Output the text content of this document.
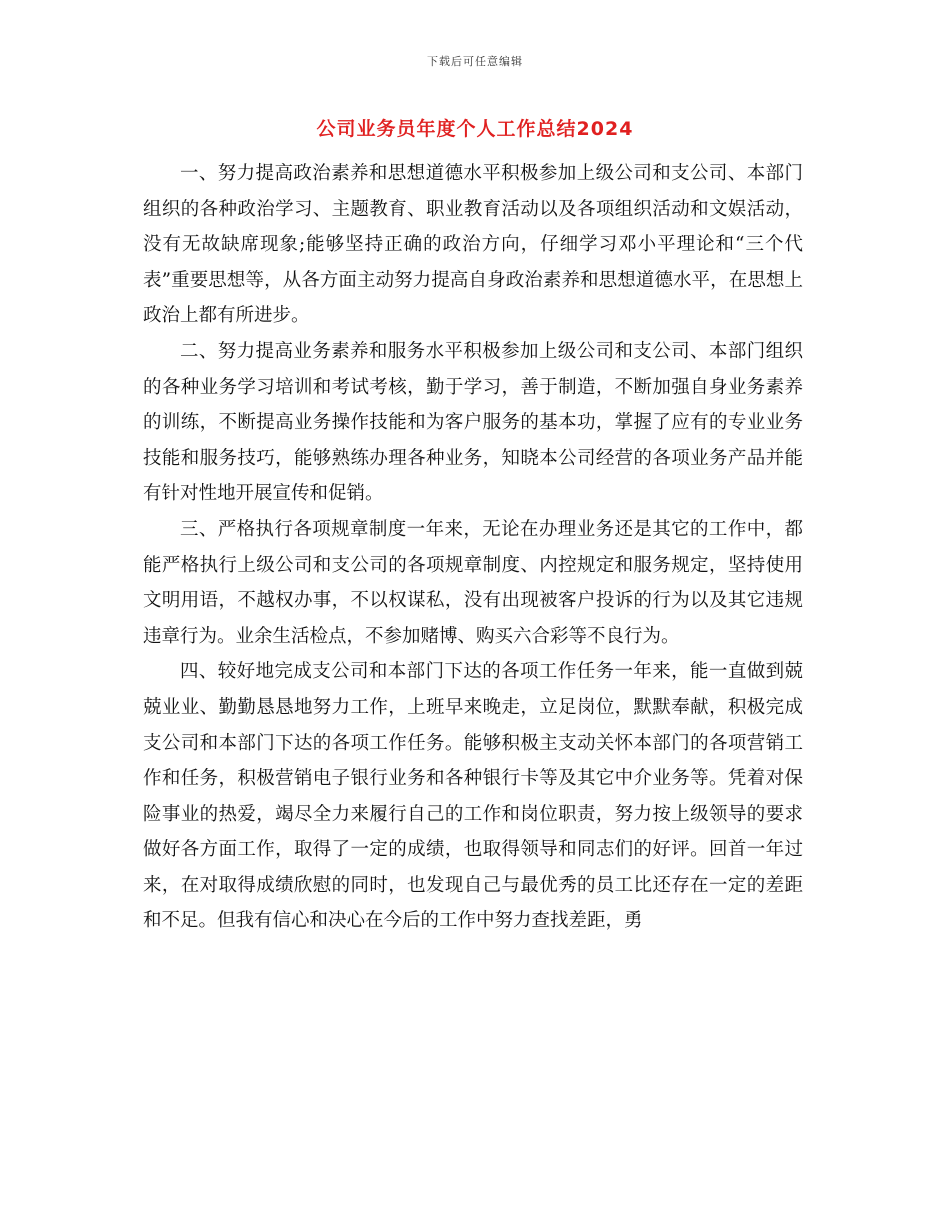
下载后可任意编辑
公司业务员年度个人工作总结2024

一、努力提高政治素养和思想道德水平积极参加上级公司和支公司、本部门组织的各种政治学习、主题教育、职业教育活动以及各项组织活动和文娱活动，没有无故缺席现象;能够坚持正确的政治方向，仔细学习邓小平理论和“三个代表”重要思想等，从各方面主动努力提高自身政治素养和思想道德水平，在思想上政治上都有所进步。

二、努力提高业务素养和服务水平积极参加上级公司和支公司、本部门组织的各种业务学习培训和考试考核，勤于学习，善于制造，不断加强自身业务素养的训练，不断提高业务操作技能和为客户服务的基本功，掌握了应有的专业业务技能和服务技巧，能够熟练办理各种业务，知晓本公司经营的各项业务产品并能有针对性地开展宣传和促销。

三、严格执行各项规章制度一年来，无论在办理业务还是其它的工作中，都能严格执行上级公司和支公司的各项规章制度、内控规定和服务规定，坚持使用文明用语，不越权办事，不以权谋私，没有出现被客户投诉的行为以及其它违规违章行为。业余生活检点，不参加赌博、购买六合彩等不良行为。

四、较好地完成支公司和本部门下达的各项工作任务一年来，能一直做到兢兢业业、勤勤恳恳地努力工作，上班早来晚走，立足岗位，默默奉献，积极完成支公司和本部门下达的各项工作任务。能够积极主支动关怀本部门的各项营销工作和任务，积极营销电子银行业务和各种银行卡等及其它中介业务等。凭着对保险事业的热爱，竭尽全力来履行自己的工作和岗位职责，努力按上级领导的要求做好各方面工作，取得了一定的成绩，也取得领导和同志们的好评。回首一年过来，在对取得成绩欣慰的同时，也发现自己与最优秀的员工比还存在一定的差距和不足。但我有信心和决心在今后的工作中努力查找差距，勇
